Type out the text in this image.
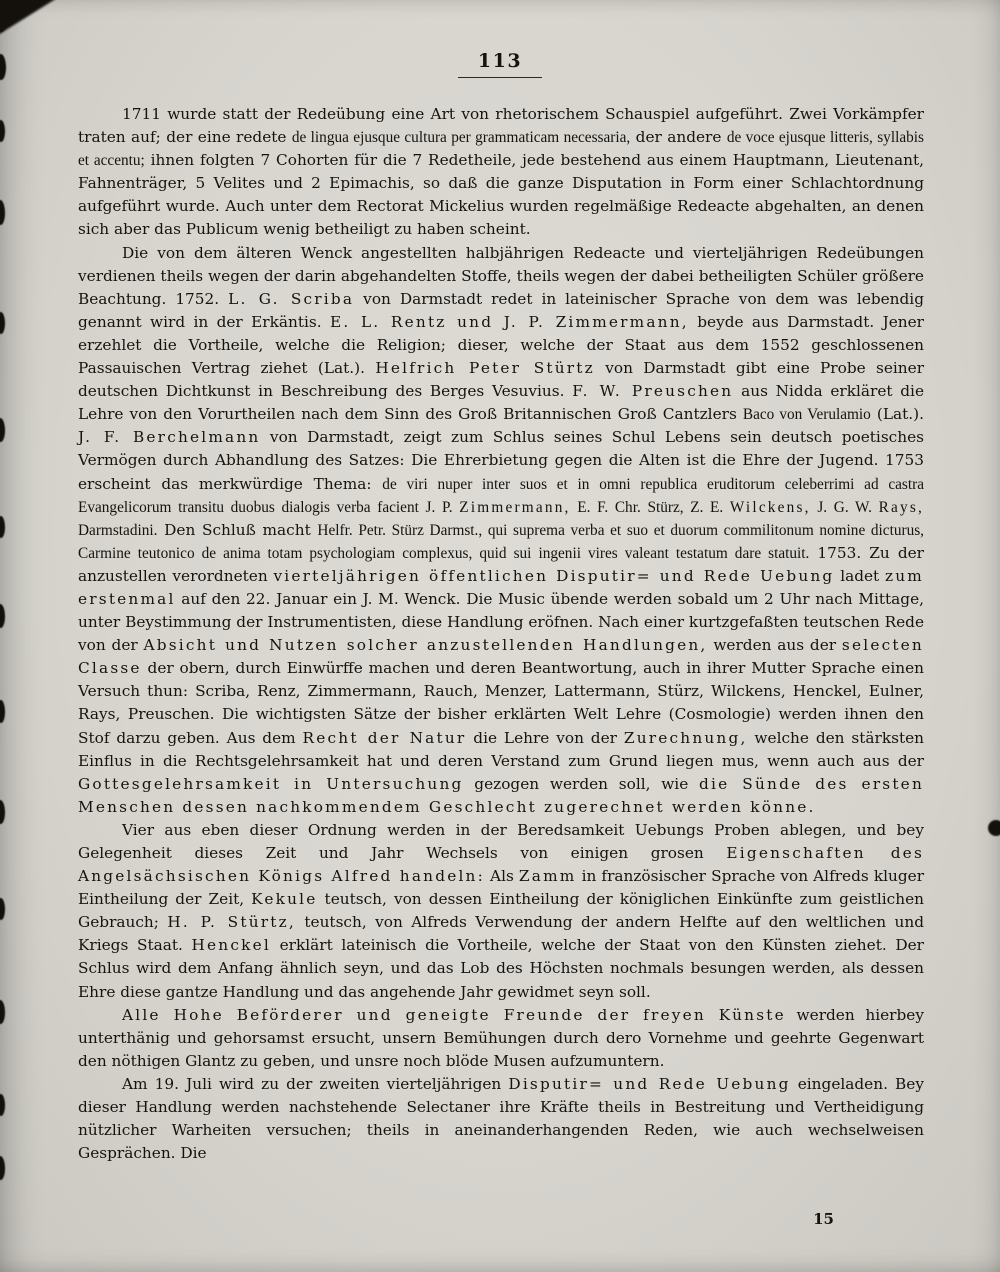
113

1711 wurde statt der Redeübung eine Art von rhetorischem Schauspiel aufgeführt. Zwei Vorkämpfer traten auf; der eine redete de lingua ejusque cultura per grammaticam necessaria, der andere de voce ejusque litteris, syllabis et accentu; ihnen folgten 7 Cohorten für die 7 Redetheile, jede bestehend aus einem Hauptmann, Lieutenant, Fahnenträger, 5 Velites und 2 Epimachis, so daß die ganze Disputation in Form einer Schlachtordnung aufgeführt wurde. Auch unter dem Rectorat Mickelius wurden regelmäßige Redeacte abgehalten, an denen sich aber das Publicum wenig betheiligt zu haben scheint.

Die von dem älteren Wenck angestellten halbjährigen Redeacte und vierteljährigen Redeübungen verdienen theils wegen der darin abgehandelten Stoffe, theils wegen der dabei betheiligten Schüler größere Beachtung. 1752. L. G. Scriba von Darmstadt redet in lateinischer Sprache von dem was lebendig genannt wird in der Erkäntis. E. L. Rentz und J. P. Zimmermann, beyde aus Darmstadt. Jener erzehlet die Vortheile, welche die Religion; dieser, welche der Staat aus dem 1552 geschlossenen Passauischen Vertrag ziehet (Lat.). Helfrich Peter Stürtz von Darmstadt gibt eine Probe seiner deutschen Dichtkunst in Beschreibung des Berges Vesuvius. F. W. Preuschen aus Nidda erkläret die Lehre von den Vorurtheilen nach dem Sinn des Groß Britannischen Groß Cantzlers Baco von Verulamio (Lat.). J. F. Berchelmann von Darmstadt, zeigt zum Schlus seines Schul Lebens sein deutsch poetisches Vermögen durch Abhandlung des Satzes: Die Ehrerbietung gegen die Alten ist die Ehre der Jugend. 1753 erscheint das merkwürdige Thema: de viri nuper inter suos et in omni republica eruditorum celeberrimi ad castra Evangelicorum transitu duobus dialogis verba facient J. P. Zimmermann, E. F. Chr. Stürz, Z. E. Wilckens, J. G. W. Rays, Darmstadini. Den Schluß macht Helfr. Petr. Stürz Darmst., qui suprema verba et suo et duorum commilitonum nomine dicturus, Carmine teutonico de anima totam psychologiam complexus, quid sui ingenii vires valeant testatum dare statuit. 1753. Zu der anzustellen verordneten vierteljährigen öffentlichen Disputir= und Rede Uebung ladet zum erstenmal auf den 22. Januar ein J. M. Wenck. Die Music übende werden sobald um 2 Uhr nach Mittage, unter Beystimmung der Instrumentisten, diese Handlung eröfnen. Nach einer kurtzgefaßten teutschen Rede von der Absicht und Nutzen solcher anzustellenden Handlungen, werden aus der selecten Classe der obern, durch Einwürffe machen und deren Beantwortung, auch in ihrer Mutter Sprache einen Versuch thun: Scriba, Renz, Zimmermann, Rauch, Menzer, Lattermann, Stürz, Wilckens, Henckel, Eulner, Rays, Preuschen. Die wichtigsten Sätze der bisher erklärten Welt Lehre (Cosmologie) werden ihnen den Stof darzu geben. Aus dem Recht der Natur die Lehre von der Zurechnung, welche den stärksten Einflus in die Rechtsgelehrsamkeit hat und deren Verstand zum Grund liegen mus, wenn auch aus der Gottesgelehrsamkeit in Untersuchung gezogen werden soll, wie die Sünde des ersten Menschen dessen nachkommendem Geschlecht zugerechnet werden könne.

Vier aus eben dieser Ordnung werden in der Beredsamkeit Uebungs Proben ablegen, und bey Gelegenheit dieses Zeit und Jahr Wechsels von einigen grosen Eigenschaften des Angelsächsischen Königs Alfred handeln: Als Zamm in französischer Sprache von Alfreds kluger Eintheilung der Zeit, Kekule teutsch, von dessen Eintheilung der königlichen Einkünfte zum geistlichen Gebrauch; H. P. Stürtz, teutsch, von Alfreds Verwendung der andern Helfte auf den weltlichen und Kriegs Staat. Henckel erklärt lateinisch die Vortheile, welche der Staat von den Künsten ziehet. Der Schlus wird dem Anfang ähnlich seyn, und das Lob des Höchsten nochmals besungen werden, als dessen Ehre diese gantze Handlung und das angehende Jahr gewidmet seyn soll.

Alle Hohe Beförderer und geneigte Freunde der freyen Künste werden hierbey unterthänig und gehorsamst ersucht, unsern Bemühungen durch dero Vornehme und geehrte Gegenwart den nöthigen Glantz zu geben, und unsre noch blöde Musen aufzumuntern.

Am 19. Juli wird zu der zweiten vierteljährigen Disputir= und Rede Uebung eingeladen. Bey dieser Handlung werden nachstehende Selectaner ihre Kräfte theils in Bestreitung und Vertheidigung nützlicher Warheiten versuchen; theils in aneinanderhangenden Reden, wie auch wechselweisen Gesprächen. Die

15
